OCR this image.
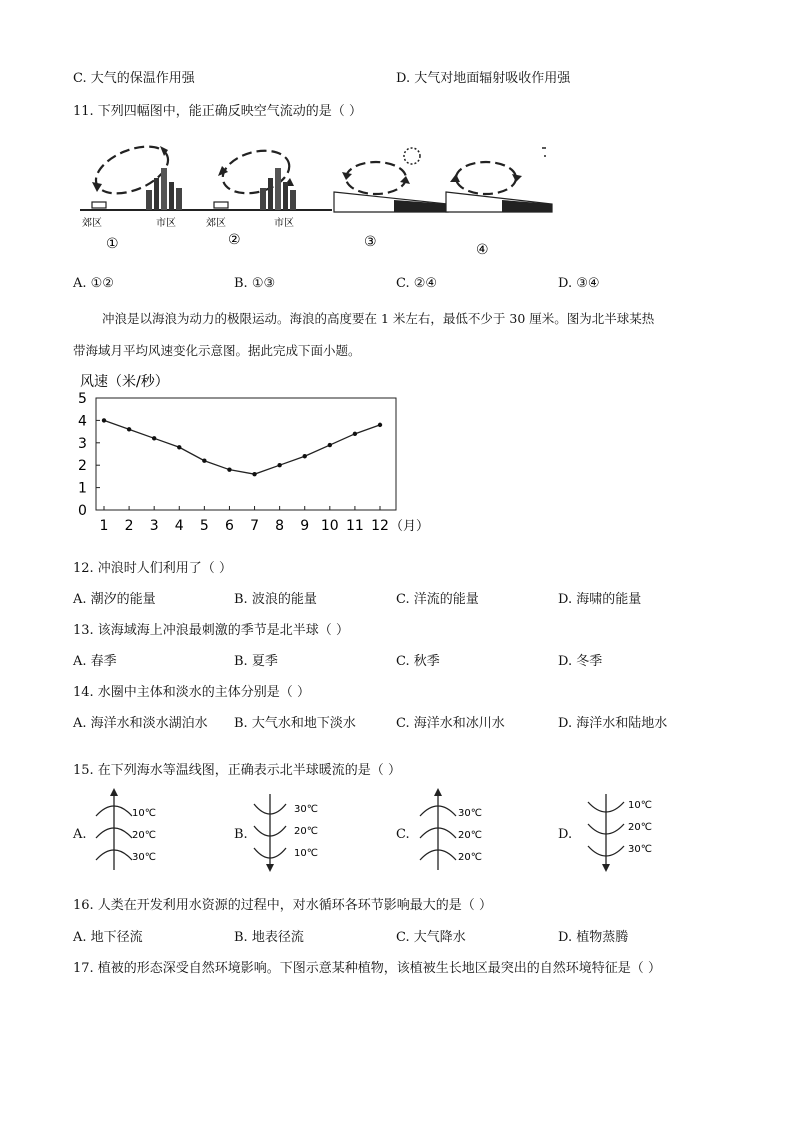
C. 大气的保温作用强	D. 大气对地面辐射吸收作用强
11. 下列四幅图中，能正确反映空气流动的是（ ）
郊区	市区
①
郊区	市区
②	③	④
A. ①②	B. ①③	C. ②④	D. ③④
冲浪是以海浪为动力的极限运动。海浪的高度要在 1 米左右，最低不少于 30 厘米。图为北半球某热
带海域月平均风速变化示意图。据此完成下面小题。
风速（米/秒）
0
1
2
3
4
5
1 2 3 4 5 6 7 8 9 10 11 12 （月）
12. 冲浪时人们利用了（ ）
A. 潮汐的能量	B. 波浪的能量	C. 洋流的能量	D. 海啸的能量
13. 该海域海上冲浪最刺激的季节是北半球（ ）
A. 春季	B. 夏季	C. 秋季	D. 冬季
14. 水圈中主体和淡水的主体分别是（ ）
A. 海洋水和淡水湖泊水 B. 大气水和地下淡水	C. 海洋水和冰川水	D. 海洋水和陆地水
15. 在下列海水等温线图，正确表示北半球暖流的是（ ）
A.	B.	C.	D.
10℃
20℃
30℃
30℃
20℃
10℃
30℃
20℃
20℃
10℃
20℃
30℃
16. 人类在开发利用水资源的过程中，对水循环各环节影响最大的是（ ）
A. 地下径流	B. 地表径流	C. 大气降水	D. 植物蒸腾
17. 植被的形态深受自然环境影响。下图示意某种植物，该植被生长地区最突出的自然环境特征是（ ）
